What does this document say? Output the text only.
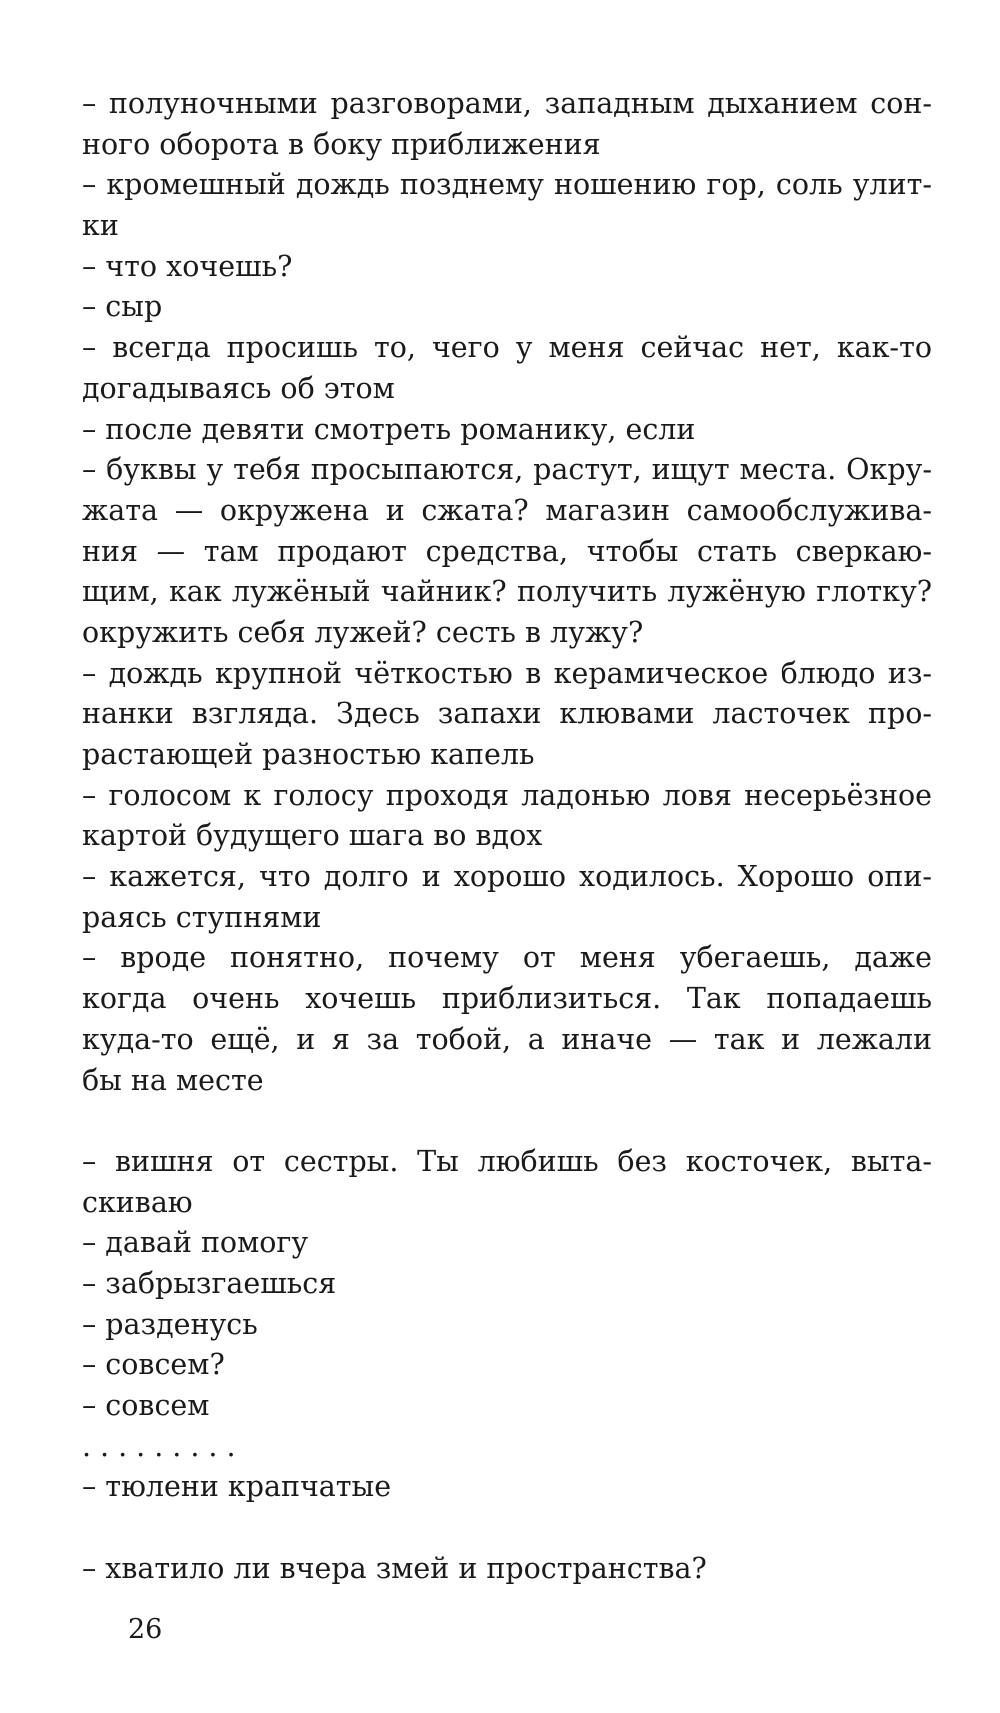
– полуночными разговорами, западным дыханием сон-
ного оборота в боку приближения
– кромешный дождь позднему ношению гор, соль улит-
ки
– что хочешь?
– сыр
– всегда просишь то, чего у меня сейчас нет, как-то
догадываясь об этом
– после девяти смотреть романику, если
– буквы у тебя просыпаются, растут, ищут места. Окру-
жата — окружена и сжата? магазин самообслужива-
ния — там продают средства, чтобы стать сверкаю-
щим, как лужёный чайник? получить лужёную глотку?
окружить себя лужей? сесть в лужу?
– дождь крупной чёткостью в керамическое блюдо из-
нанки взгляда. Здесь запахи клювами ласточек про-
растающей разностью капель
– голосом к голосу проходя ладонью ловя несерьёзное
картой будущего шага во вдох
– кажется, что долго и хорошо ходилось. Хорошо опи-
раясь ступнями
– вроде понятно, почему от меня убегаешь, даже
когда очень хочешь приблизиться. Так попадаешь
куда-то ещё, и я за тобой, а иначе — так и лежали
бы на месте
– вишня от сестры. Ты любишь без косточек, выта-
скиваю
– давай помогу
– забрызгаешься
– разденусь
– совсем?
– совсем
.........
– тюлени крапчатые
– хватило ли вчера змей и пространства?
26
